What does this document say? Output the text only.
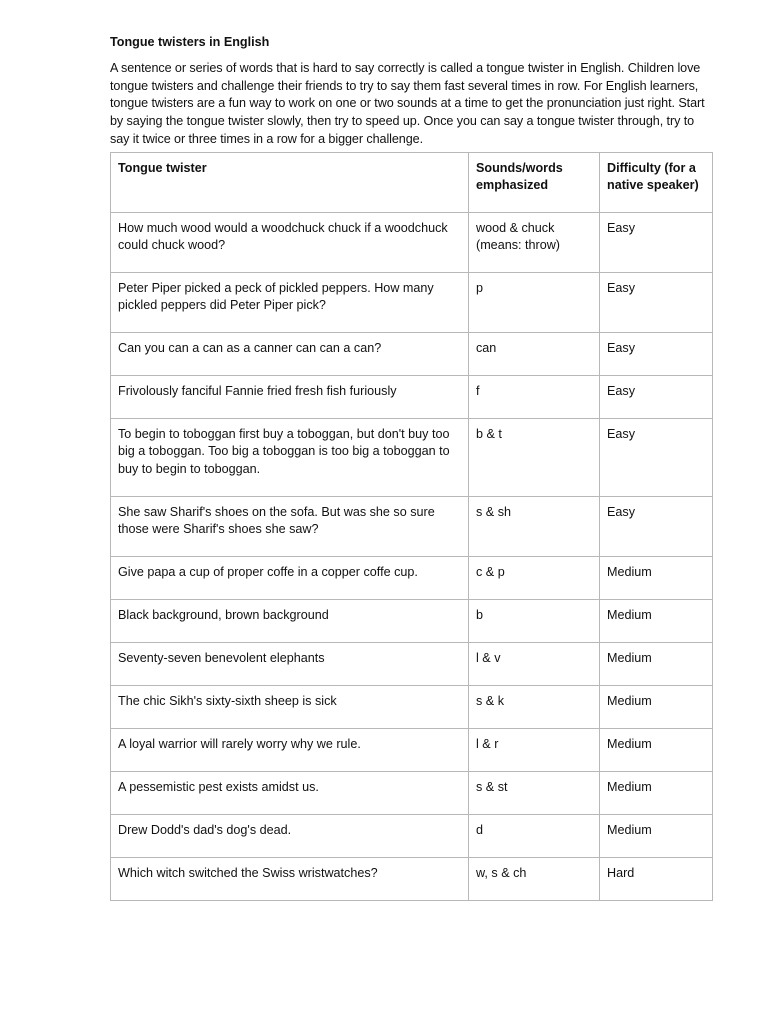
Tongue twisters in English

A sentence or series of words that is hard to say correctly is called a tongue twister in English. Children love tongue twisters and challenge their friends to try to say them fast several times in row. For English learners, tongue twisters are a fun way to work on one or two sounds at a time to get the pronunciation just right. Start by saying the tongue twister slowly, then try to speed up. Once you can say a tongue twister through, try to say it twice or three times in a row for a bigger challenge.

Tongue twister	Sounds/words emphasized	Difficulty (for a native speaker)
How much wood would a woodchuck chuck if a woodchuck could chuck wood?	wood & chuck (means: throw)	Easy
Peter Piper picked a peck of pickled peppers. How many pickled peppers did Peter Piper pick?	p	Easy
Can you can a can as a canner can can a can?	can	Easy
Frivolously fanciful Fannie fried fresh fish furiously	f	Easy
To begin to toboggan first buy a toboggan, but don't buy too big a toboggan. Too big a toboggan is too big a toboggan to buy to begin to toboggan.	b & t	Easy
She saw Sharif's shoes on the sofa. But was she so sure those were Sharif's shoes she saw?	s & sh	Easy
Give papa a cup of proper coffe in a copper coffe cup.	c & p	Medium
Black background, brown background	b	Medium
Seventy-seven benevolent elephants	l & v	Medium
The chic Sikh's sixty-sixth sheep is sick	s & k	Medium
A loyal warrior will rarely worry why we rule.	l & r	Medium
A pessemistic pest exists amidst us.	s & st	Medium
Drew Dodd's dad's dog's dead.	d	Medium
Which witch switched the Swiss wristwatches?	w, s & ch	Hard
